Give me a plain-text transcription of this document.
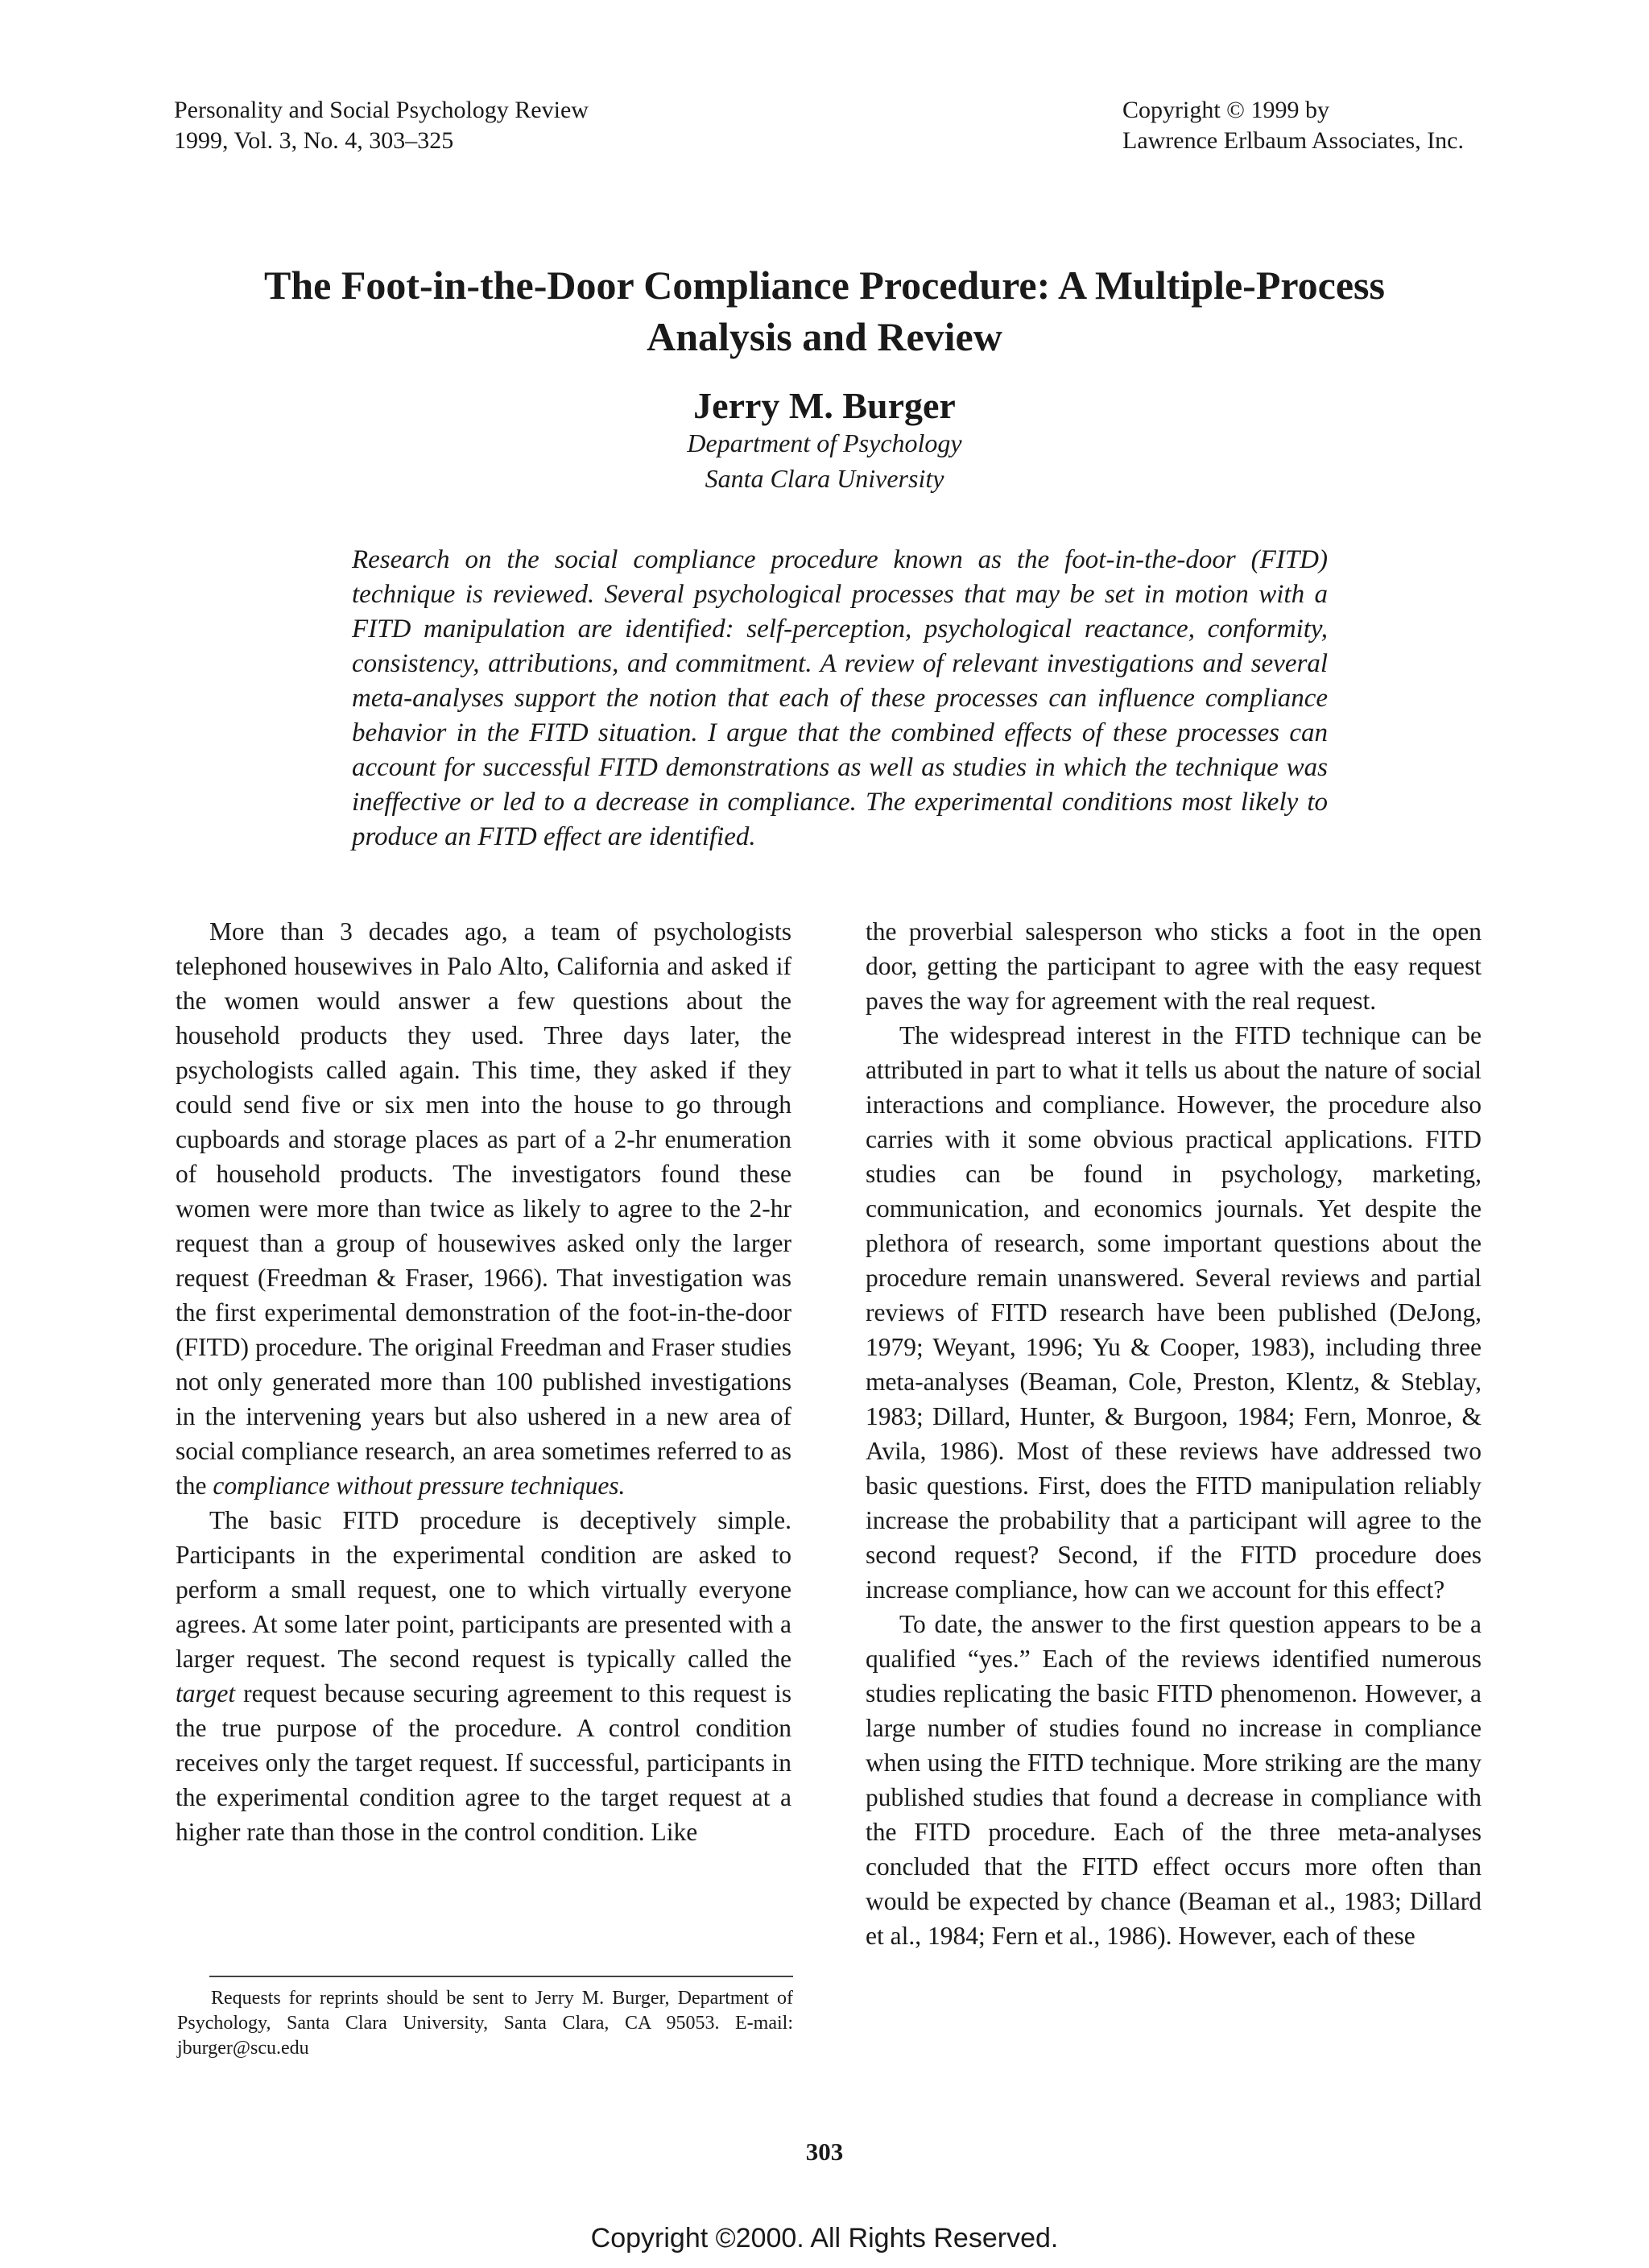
Personality and Social Psychology Review
1999, Vol. 3, No. 4, 303–325
Copyright © 1999 by
Lawrence Erlbaum Associates, Inc.
The Foot-in-the-Door Compliance Procedure: A Multiple-Process
Analysis and Review
Jerry M. Burger
Department of Psychology
Santa Clara University
Research on the social compliance procedure known as the foot-in-the-door (FITD) technique is reviewed. Several psychological processes that may be set in motion with a FITD manipulation are identified: self-perception, psychological reactance, conformity, consistency, attributions, and commitment. A review of relevant investigations and several meta-analyses support the notion that each of these processes can influence compliance behavior in the FITD situation. I argue that the combined effects of these processes can account for successful FITD demonstrations as well as studies in which the technique was ineffective or led to a decrease in compliance. The experimental conditions most likely to produce an FITD effect are identified.

More than 3 decades ago, a team of psychologists telephoned housewives in Palo Alto, California and asked if the women would answer a few questions about the household products they used. Three days later, the psychologists called again. This time, they asked if they could send five or six men into the house to go through cupboards and storage places as part of a 2-hr enumeration of household products. The investigators found these women were more than twice as likely to agree to the 2-hr request than a group of housewives asked only the larger request (Freedman & Fraser, 1966). That investigation was the first experimental demonstration of the foot-in-the-door (FITD) procedure. The original Freedman and Fraser studies not only generated more than 100 published investigations in the intervening years but also ushered in a new area of social compliance research, an area sometimes referred to as the compliance without pressure techniques.

The basic FITD procedure is deceptively simple. Participants in the experimental condition are asked to perform a small request, one to which virtually everyone agrees. At some later point, participants are presented with a larger request. The second request is typically called the target request because securing agreement to this request is the true purpose of the procedure. A control condition receives only the target request. If successful, participants in the experimental condition agree to the target request at a higher rate than those in the control condition. Like

the proverbial salesperson who sticks a foot in the open door, getting the participant to agree with the easy request paves the way for agreement with the real request.

The widespread interest in the FITD technique can be attributed in part to what it tells us about the nature of social interactions and compliance. However, the procedure also carries with it some obvious practical applications. FITD studies can be found in psychology, marketing, communication, and economics journals. Yet despite the plethora of research, some important questions about the procedure remain unanswered. Several reviews and partial reviews of FITD research have been published (DeJong, 1979; Weyant, 1996; Yu & Cooper, 1983), including three meta-analyses (Beaman, Cole, Preston, Klentz, & Steblay, 1983; Dillard, Hunter, & Burgoon, 1984; Fern, Monroe, & Avila, 1986). Most of these reviews have addressed two basic questions. First, does the FITD manipulation reliably increase the probability that a participant will agree to the second request? Second, if the FITD procedure does increase compliance, how can we account for this effect?

To date, the answer to the first question appears to be a qualified “yes.” Each of the reviews identified numerous studies replicating the basic FITD phenomenon. However, a large number of studies found no increase in compliance when using the FITD technique. More striking are the many published studies that found a decrease in compliance with the FITD procedure. Each of the three meta-analyses concluded that the FITD effect occurs more often than would be expected by chance (Beaman et al., 1983; Dillard et al., 1984; Fern et al., 1986). However, each of these

Requests for reprints should be sent to Jerry M. Burger, Department of Psychology, Santa Clara University, Santa Clara, CA 95053. E-mail: jburger@scu.edu
303
Copyright ©2000. All Rights Reserved.
